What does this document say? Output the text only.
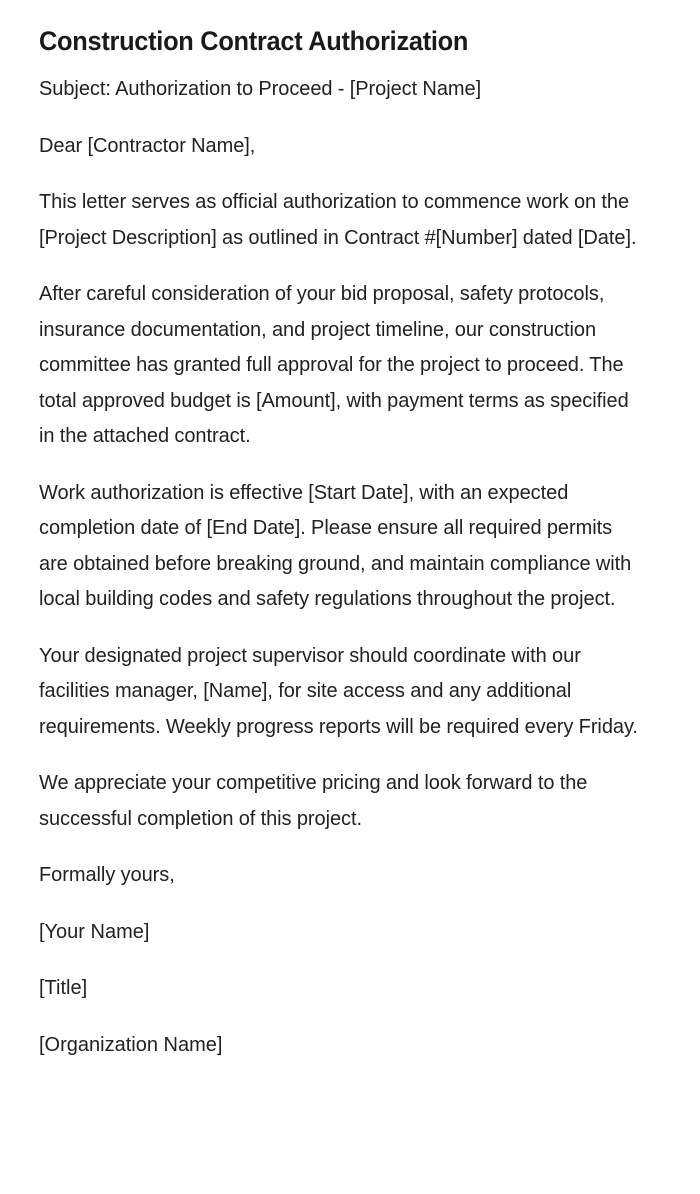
Construction Contract Authorization

Subject: Authorization to Proceed - [Project Name]

Dear [Contractor Name],

This letter serves as official authorization to commence work on the [Project Description] as outlined in Contract #[Number] dated [Date].

After careful consideration of your bid proposal, safety protocols, insurance documentation, and project timeline, our construction committee has granted full approval for the project to proceed. The total approved budget is [Amount], with payment terms as specified in the attached contract.

Work authorization is effective [Start Date], with an expected completion date of [End Date]. Please ensure all required permits are obtained before breaking ground, and maintain compliance with local building codes and safety regulations throughout the project.

Your designated project supervisor should coordinate with our facilities manager, [Name], for site access and any additional requirements. Weekly progress reports will be required every Friday.

We appreciate your competitive pricing and look forward to the successful completion of this project.

Formally yours,

[Your Name]

[Title]

[Organization Name]
